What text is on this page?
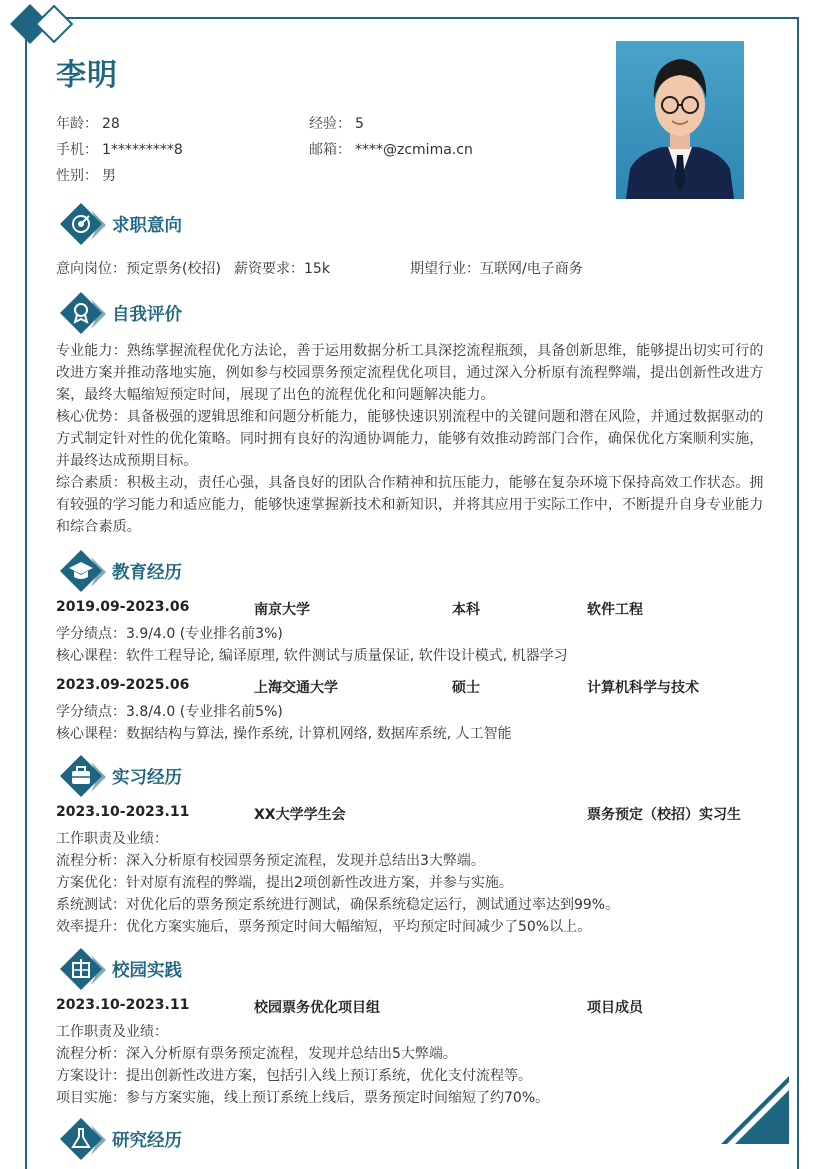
李明
年龄： 28	经验： 5
手机： 1*********8	邮箱： ****@zcmima.cn
性别： 男
求职意向
意向岗位：预定票务(校招) 薪资要求：15k	期望行业：互联网/电子商务
自我评价
专业能力：熟练掌握流程优化方法论，善于运用数据分析工具深挖流程瓶颈，具备创新思维，能够提出切实可行的改进方案并推动落地实施，例如参与校园票务预定流程优化项目，通过深入分析原有流程弊端，提出创新性改进方案，最终大幅缩短预定时间，展现了出色的流程优化和问题解决能力。
核心优势：具备极强的逻辑思维和问题分析能力，能够快速识别流程中的关键问题和潜在风险，并通过数据驱动的方式制定针对性的优化策略。同时拥有良好的沟通协调能力，能够有效推动跨部门合作，确保优化方案顺利实施，并最终达成预期目标。
综合素质：积极主动，责任心强，具备良好的团队合作精神和抗压能力，能够在复杂环境下保持高效工作状态。拥有较强的学习能力和适应能力，能够快速掌握新技术和新知识，并将其应用于实际工作中，不断提升自身专业能力和综合素质。
教育经历
2019.09-2023.06	南京大学	本科	软件工程
学分绩点：3.9/4.0 (专业排名前3%)
核心课程：软件工程导论, 编译原理, 软件测试与质量保证, 软件设计模式, 机器学习
2023.09-2025.06	上海交通大学	硕士	计算机科学与技术
学分绩点：3.8/4.0 (专业排名前5%)
核心课程：数据结构与算法, 操作系统, 计算机网络, 数据库系统, 人工智能
实习经历
2023.10-2023.11	XX大学学生会	票务预定（校招）实习生
工作职责及业绩：
流程分析：深入分析原有校园票务预定流程，发现并总结出3大弊端。
方案优化：针对原有流程的弊端，提出2项创新性改进方案，并参与实施。
系统测试：对优化后的票务预定系统进行测试，确保系统稳定运行，测试通过率达到99%。
效率提升：优化方案实施后，票务预定时间大幅缩短，平均预定时间减少了50%以上。
校园实践
2023.10-2023.11	校园票务优化项目组	项目成员
工作职责及业绩：
流程分析：深入分析原有票务预定流程，发现并总结出5大弊端。
方案设计：提出创新性改进方案，包括引入线上预订系统，优化支付流程等。
项目实施：参与方案实施，线上预订系统上线后，票务预定时间缩短了约70%。
研究经历
